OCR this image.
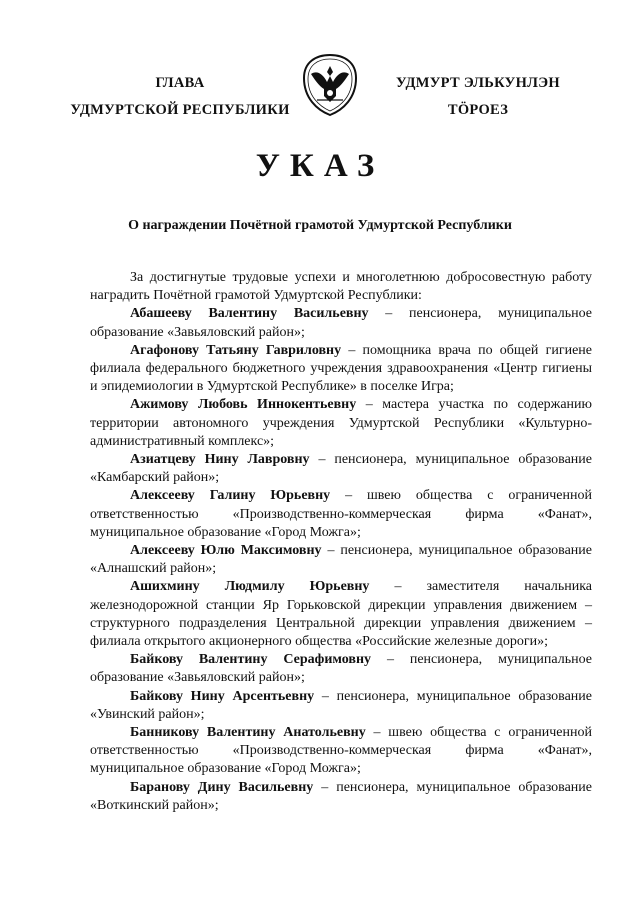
ГЛАВА
УДМУРТСКОЙ РЕСПУБЛИКИ
УДМУРТ ЭЛЬКУНЛЭН
ТӦРОЕЗ
УКАЗ
О награждении Почётной грамотой Удмуртской Республики

За достигнутые трудовые успехи и многолетнюю добросовестную работу наградить Почётной грамотой Удмуртской Республики:

Абашееву Валентину Васильевну – пенсионера, муниципальное образование «Завьяловский район»;

Агафонову Татьяну Гавриловну – помощника врача по общей гигиене филиала федерального бюджетного учреждения здравоохранения «Центр гигиены и эпидемиологии в Удмуртской Республике» в поселке Игра;

Ажимову Любовь Иннокентьевну – мастера участка по содержанию территории автономного учреждения Удмуртской Республики «Культурно-административный комплекс»;

Азиатцеву Нину Лавровну – пенсионера, муниципальное образование «Камбарский район»;

Алексееву Галину Юрьевну – швею общества с ограниченной ответственностью «Производственно-коммерческая фирма «Фанат», муниципальное образование «Город Можга»;

Алексееву Юлю Максимовну – пенсионера, муниципальное образование «Алнашский район»;

Ашихмину Людмилу Юрьевну – заместителя начальника железнодорожной станции Яр Горьковской дирекции управления движением – структурного подразделения Центральной дирекции управления движением – филиала открытого акционерного общества «Российские железные дороги»;

Байкову Валентину Серафимовну – пенсионера, муниципальное образование «Завьяловский район»;

Байкову Нину Арсентьевну – пенсионера, муниципальное образование «Увинский район»;

Банникову Валентину Анатольевну – швею общества с ограниченной ответственностью «Производственно-коммерческая фирма «Фанат», муниципальное образование «Город Можга»;

Баранову Дину Васильевну – пенсионера, муниципальное образование «Воткинский район»;
